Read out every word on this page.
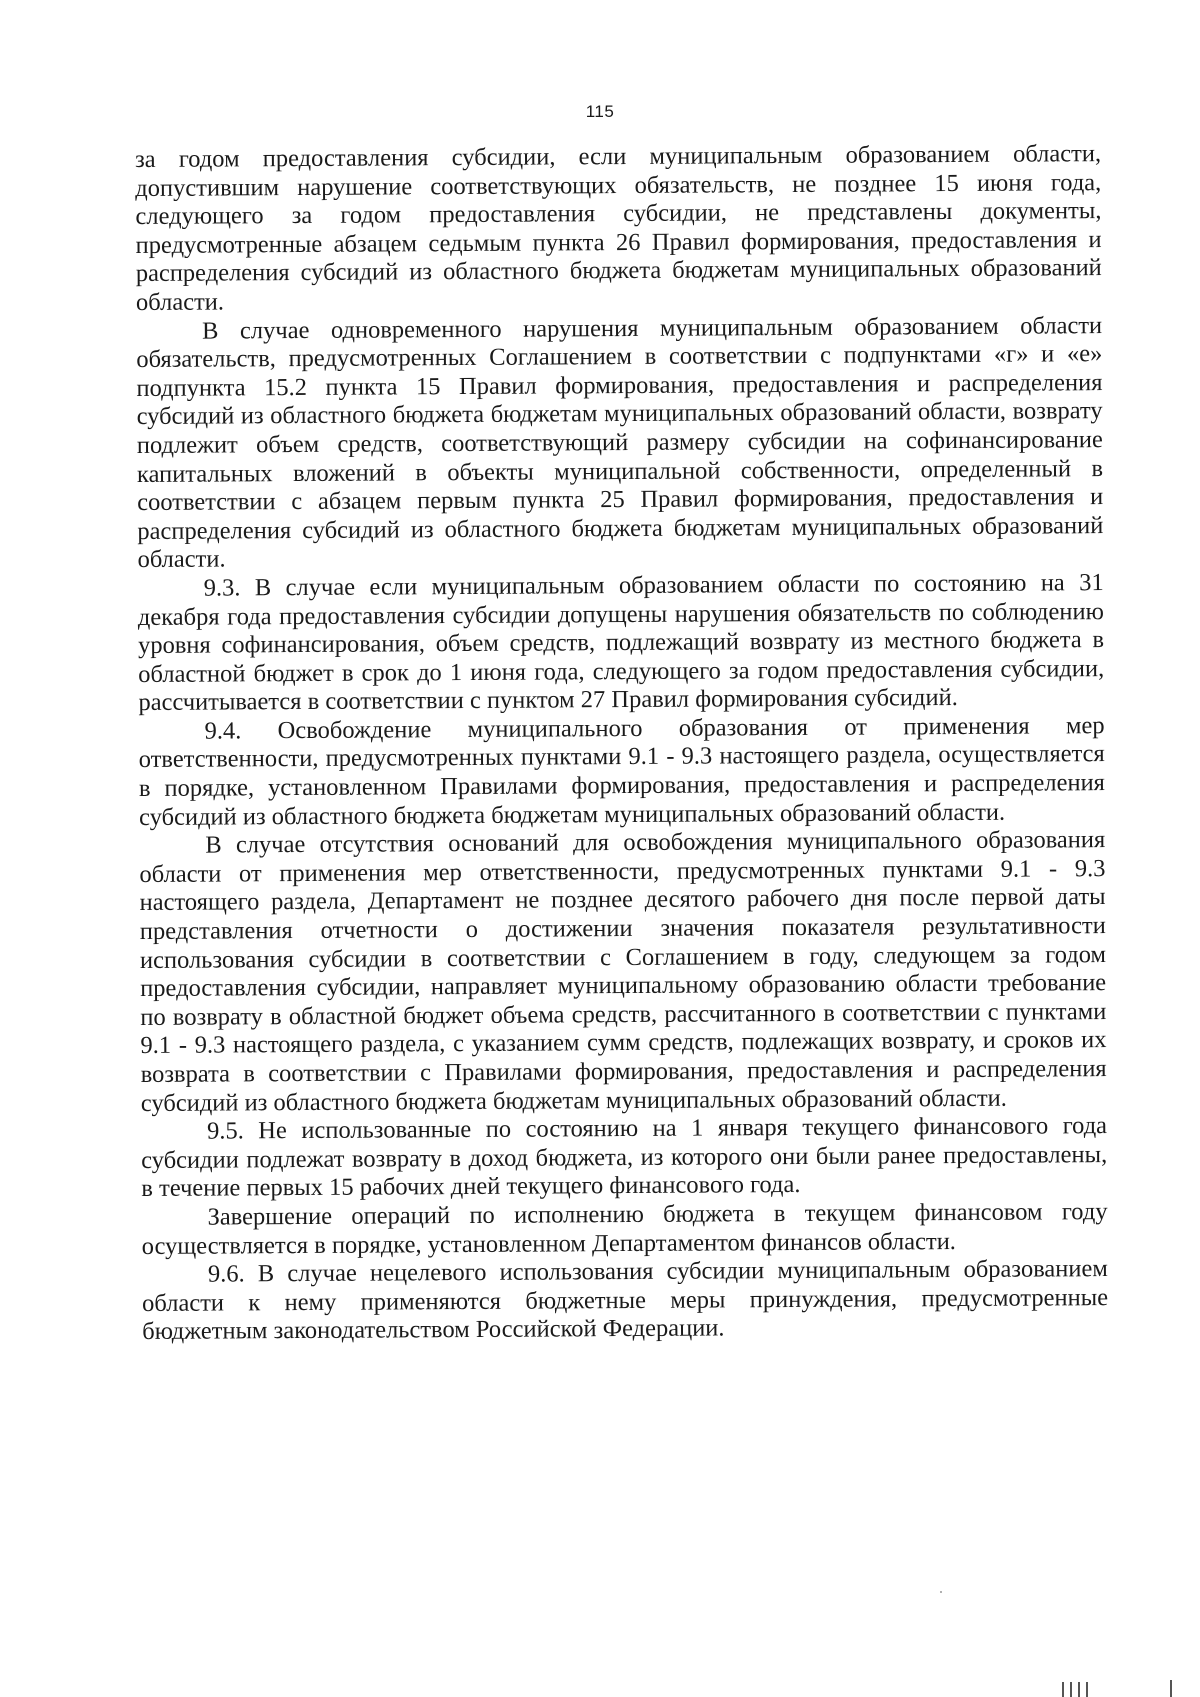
115

за годом предоставления субсидии, если муниципальным образованием области, допустившим нарушение соответствующих обязательств, не позднее 15 июня года, следующего за годом предоставления субсидии, не представлены документы, предусмотренные абзацем седьмым пункта 26 Правил формирования, предоставления и распределения субсидий из областного бюджета бюджетам муниципальных образований области.

В случае одновременного нарушения муниципальным образованием области обязательств, предусмотренных Соглашением в соответствии с подпунктами «г» и «е» подпункта 15.2 пункта 15 Правил формирования, предоставления и распределения субсидий из областного бюджета бюджетам муниципальных образований области, возврату подлежит объем средств, соответствующий размеру субсидии на софинансирование капитальных вложений в объекты муниципальной собственности, определенный в соответствии с абзацем первым пункта 25 Правил формирования, предоставления и распределения субсидий из областного бюджета бюджетам муниципальных образований области.

9.3. В случае если муниципальным образованием области по состоянию на 31 декабря года предоставления субсидии допущены нарушения обязательств по соблюдению уровня софинансирования, объем средств, подлежащий возврату из местного бюджета в областной бюджет в срок до 1 июня года, следующего за годом предоставления субсидии, рассчитывается в соответствии с пунктом 27 Правил формирования субсидий.

9.4. Освобождение муниципального образования от применения мер ответственности, предусмотренных пунктами 9.1 - 9.3 настоящего раздела, осуществляется в порядке, установленном Правилами формирования, предоставления и распределения субсидий из областного бюджета бюджетам муниципальных образований области.

В случае отсутствия оснований для освобождения муниципального образования области от применения мер ответственности, предусмотренных пунктами 9.1 - 9.3 настоящего раздела, Департамент не позднее десятого рабочего дня после первой даты представления отчетности о достижении значения показателя результативности использования субсидии в соответствии с Соглашением в году, следующем за годом предоставления субсидии, направляет муниципальному образованию области требование по возврату в областной бюджет объема средств, рассчитанного в соответствии с пунктами 9.1 - 9.3 настоящего раздела, с указанием сумм средств, подлежащих возврату, и сроков их возврата в соответствии с Правилами формирования, предоставления и распределения субсидий из областного бюджета бюджетам муниципальных образований области.

9.5. Не использованные по состоянию на 1 января текущего финансового года субсидии подлежат возврату в доход бюджета, из которого они были ранее предоставлены, в течение первых 15 рабочих дней текущего финансового года.

Завершение операций по исполнению бюджета в текущем финансовом году осуществляется в порядке, установленном Департаментом финансов области.

9.6. В случае нецелевого использования субсидии муниципальным образованием области к нему применяются бюджетные меры принуждения, предусмотренные бюджетным законодательством Российской Федерации.
